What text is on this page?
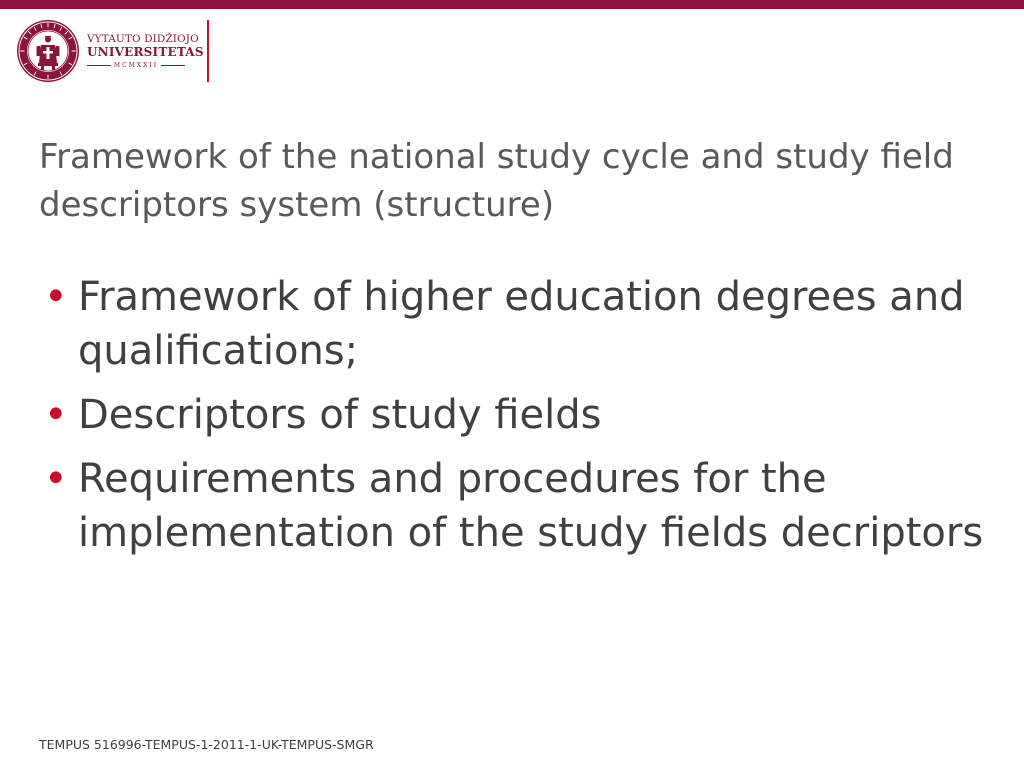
VYTAUTO DIDŽIOJO
UNIVERSITETAS
MCMXXII
Framework of the national study cycle and study field descriptors system (structure)
• Framework of higher education degrees and qualifications;
• Descriptors of study fields
• Requirements and procedures for the implementation of the study fields decriptors
TEMPUS 516996-TEMPUS-1-2011-1-UK-TEMPUS-SMGR
